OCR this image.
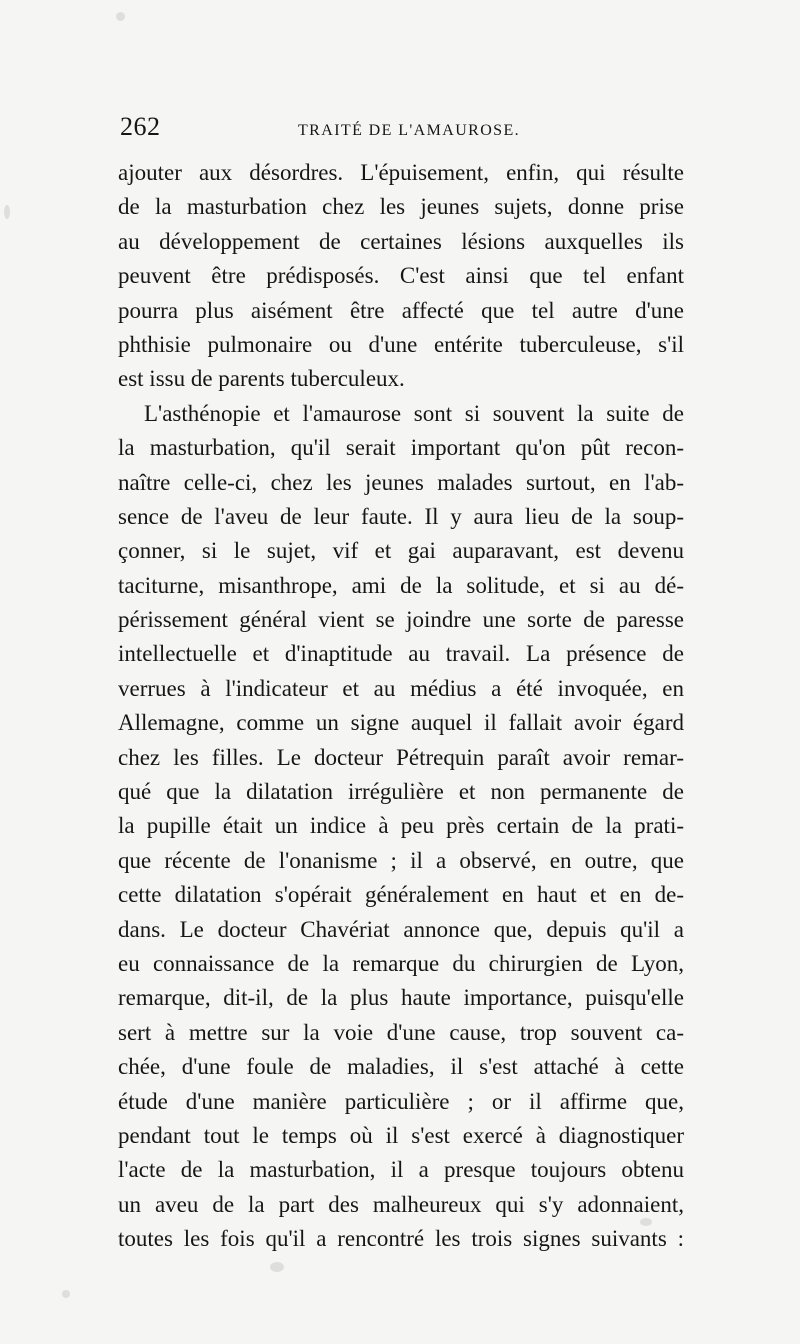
262	TRAITÉ DE L'AMAUROSE.
ajouter aux désordres. L'épuisement, enfin, qui résulte
de la masturbation chez les jeunes sujets, donne prise
au développement de certaines lésions auxquelles ils
peuvent être prédisposés. C'est ainsi que tel enfant
pourra plus aisément être affecté que tel autre d'une
phthisie pulmonaire ou d'une entérite tuberculeuse, s'il
est issu de parents tuberculeux.
L'asthénopie et l'amaurose sont si souvent la suite de
la masturbation, qu'il serait important qu'on pût recon-
naître celle-ci, chez les jeunes malades surtout, en l'ab-
sence de l'aveu de leur faute. Il y aura lieu de la soup-
çonner, si le sujet, vif et gai auparavant, est devenu
taciturne, misanthrope, ami de la solitude, et si au dé-
périssement général vient se joindre une sorte de paresse
intellectuelle et d'inaptitude au travail. La présence de
verrues à l'indicateur et au médius a été invoquée, en
Allemagne, comme un signe auquel il fallait avoir égard
chez les filles. Le docteur Pétrequin paraît avoir remar-
qué que la dilatation irrégulière et non permanente de
la pupille était un indice à peu près certain de la prati-
que récente de l'onanisme ; il a observé, en outre, que
cette dilatation s'opérait généralement en haut et en de-
dans. Le docteur Chavériat annonce que, depuis qu'il a
eu connaissance de la remarque du chirurgien de Lyon,
remarque, dit-il, de la plus haute importance, puisqu'elle
sert à mettre sur la voie d'une cause, trop souvent ca-
chée, d'une foule de maladies, il s'est attaché à cette
étude d'une manière particulière ; or il affirme que,
pendant tout le temps où il s'est exercé à diagnostiquer
l'acte de la masturbation, il a presque toujours obtenu
un aveu de la part des malheureux qui s'y adonnaient,
toutes les fois qu'il a rencontré les trois signes suivants :
